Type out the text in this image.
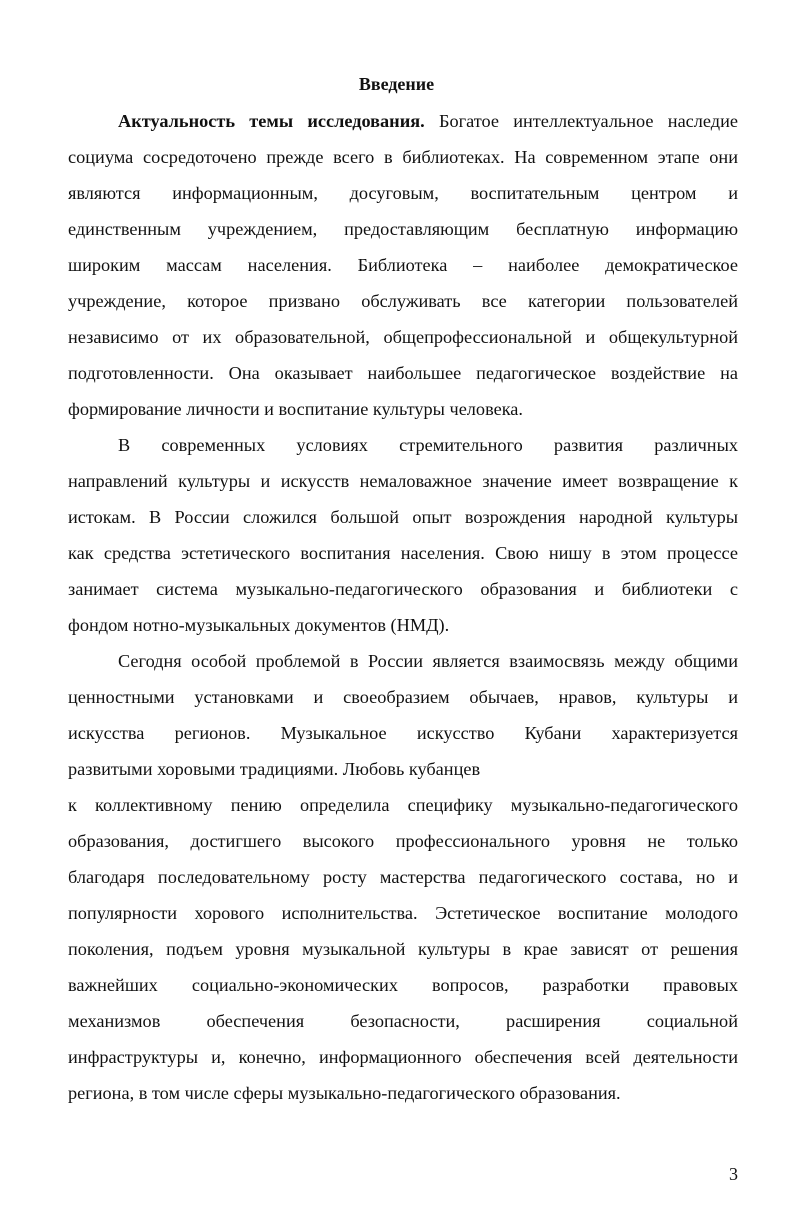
Введение
Актуальность темы исследования. Богатое интеллектуальное наследие
социума сосредоточено прежде всего в библиотеках. На современном этапе они
являются информационным, досуговым, воспитательным центром и
единственным учреждением, предоставляющим бесплатную информацию
широким массам населения. Библиотека – наиболее демократическое
учреждение, которое призвано обслуживать все категории пользователей
независимо от их образовательной, общепрофессиональной и общекультурной
подготовленности. Она оказывает наибольшее педагогическое воздействие на
формирование личности и воспитание культуры человека.
В современных условиях стремительного развития различных
направлений культуры и искусств немаловажное значение имеет возвращение к
истокам. В России сложился большой опыт возрождения народной культуры
как средства эстетического воспитания населения. Свою нишу в этом процессе
занимает система музыкально-педагогического образования и библиотеки с
фондом нотно-музыкальных документов (НМД).
Сегодня особой проблемой в России является взаимосвязь между общими
ценностными установками и своеобразием обычаев, нравов, культуры и
искусства регионов. Музыкальное искусство Кубани характеризуется
развитыми хоровыми традициями. Любовь кубанцев
к коллективному пению определила специфику музыкально-педагогического
образования, достигшего высокого профессионального уровня не только
благодаря последовательному росту мастерства педагогического состава, но и
популярности хорового исполнительства. Эстетическое воспитание молодого
поколения, подъем уровня музыкальной культуры в крае зависят от решения
важнейших социально-экономических вопросов, разработки правовых
механизмов обеспечения безопасности, расширения социальной
инфраструктуры и, конечно, информационного обеспечения всей деятельности
региона, в том числе сферы музыкально-педагогического образования.
3
